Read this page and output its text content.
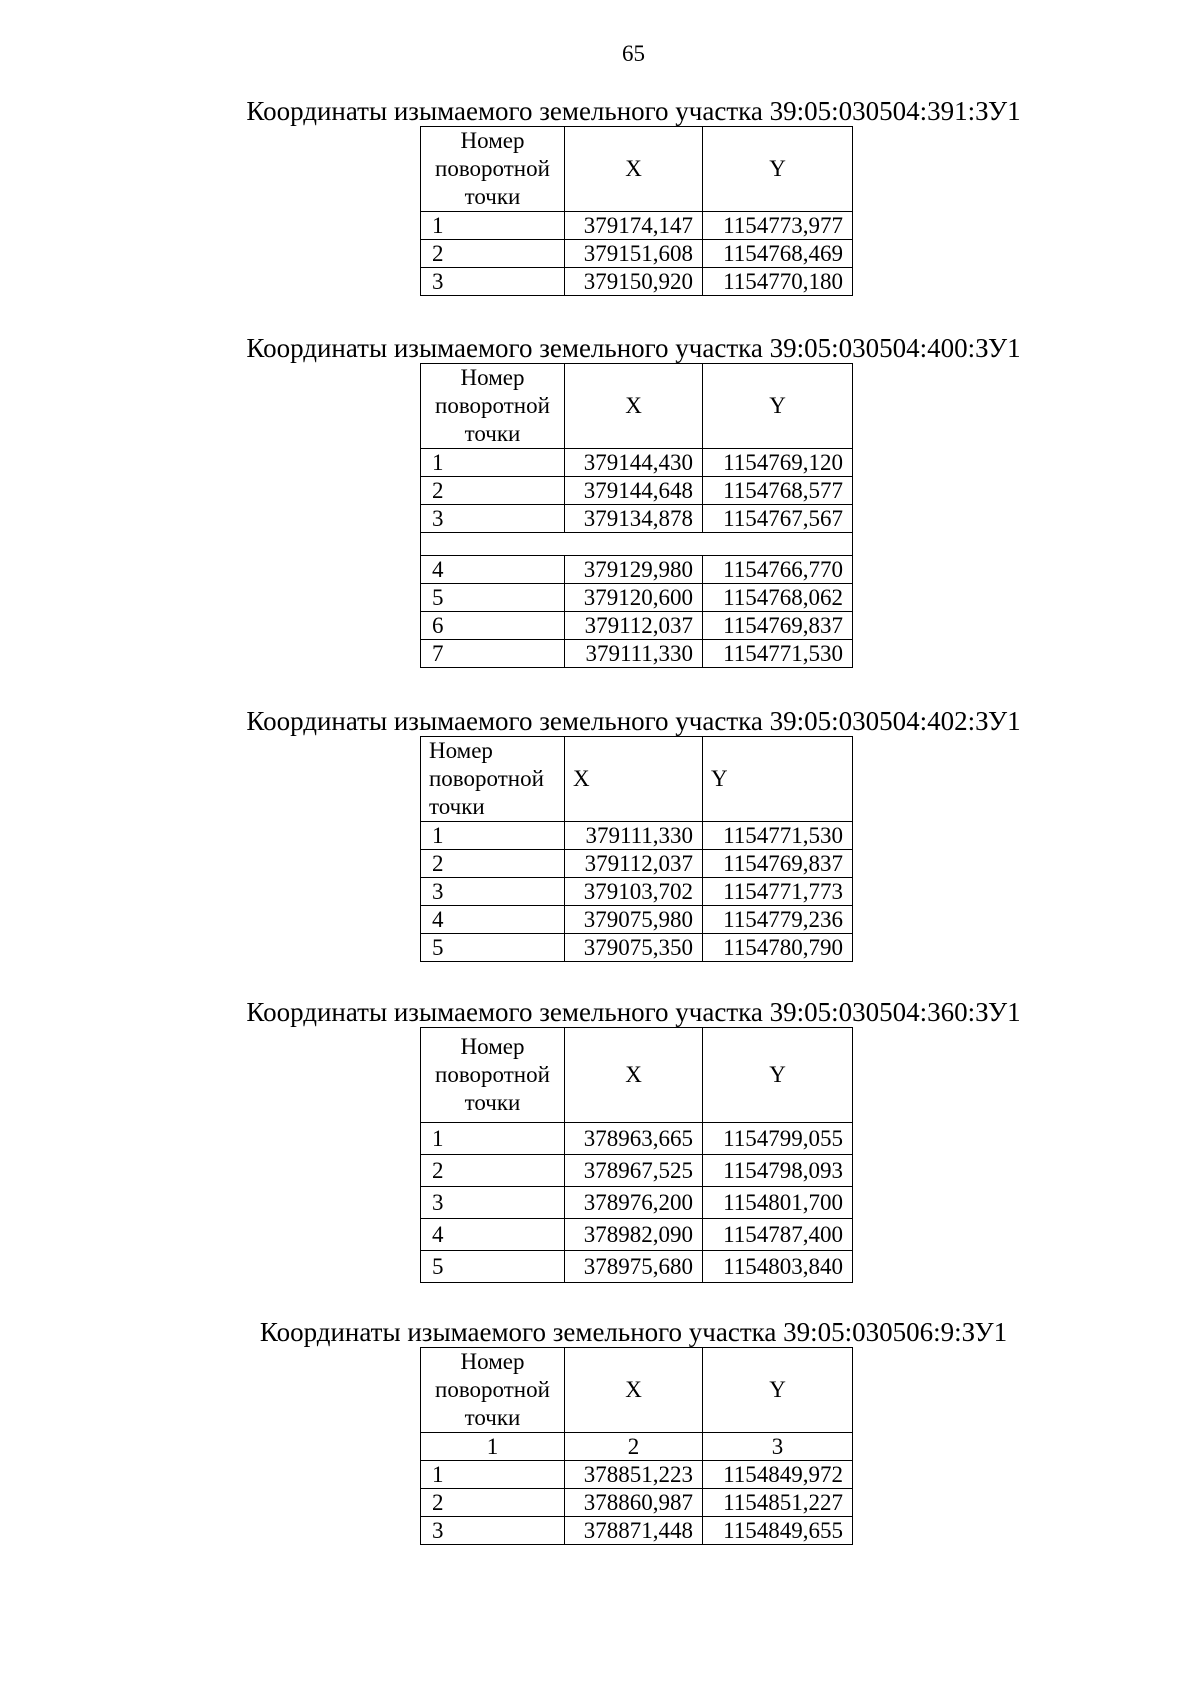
65
Координаты изымаемого земельного участка 39:05:030504:391:ЗУ1
Номер
поворотной
точки	X	Y
1	379174,147	1154773,977
2	379151,608	1154768,469
3	379150,920	1154770,180
Координаты изымаемого земельного участка 39:05:030504:400:ЗУ1
Номер
поворотной
точки	X	Y
1	379144,430	1154769,120
2	379144,648	1154768,577
3	379134,878	1154767,567

4	379129,980	1154766,770
5	379120,600	1154768,062
6	379112,037	1154769,837
7	379111,330	1154771,530
Координаты изымаемого земельного участка 39:05:030504:402:ЗУ1
Номер
поворотной
точки	X	Y
1	379111,330	1154771,530
2	379112,037	1154769,837
3	379103,702	1154771,773
4	379075,980	1154779,236
5	379075,350	1154780,790
Координаты изымаемого земельного участка 39:05:030504:360:ЗУ1
Номер
поворотной
точки	X	Y
1	378963,665	1154799,055
2	378967,525	1154798,093
3	378976,200	1154801,700
4	378982,090	1154787,400
5	378975,680	1154803,840
Координаты изымаемого земельного участка 39:05:030506:9:ЗУ1
Номер
поворотной
точки	X	Y
1	2	3
1	378851,223	1154849,972
2	378860,987	1154851,227
3	378871,448	1154849,655
